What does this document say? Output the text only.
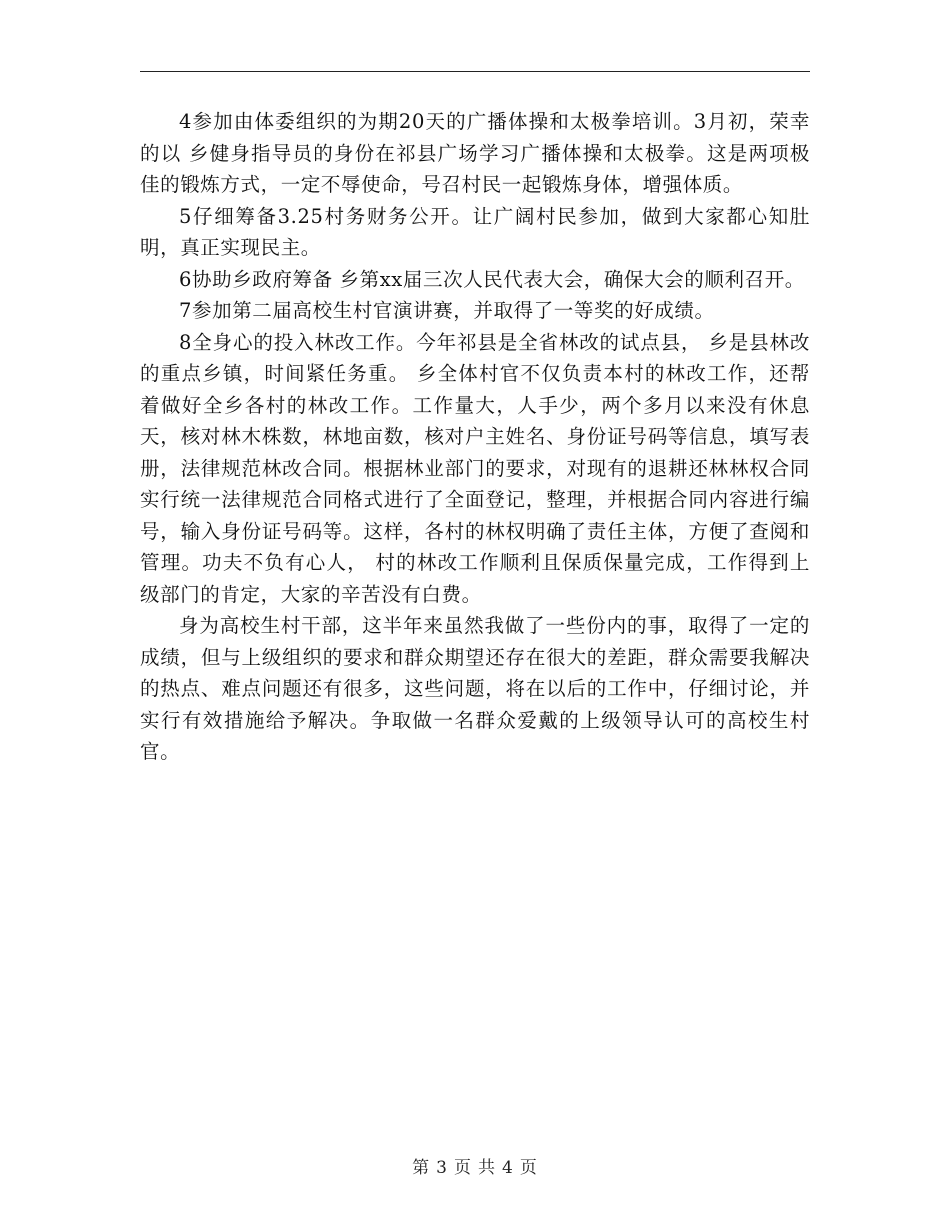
4参加由体委组织的为期20天的广播体操和太极拳培训。3月初，荣幸的以 乡健身指导员的身份在祁县广场学习广播体操和太极拳。这是两项极佳的锻炼方式，一定不辱使命，号召村民一起锻炼身体，增强体质。

5仔细筹备3.25村务财务公开。让广阔村民参加，做到大家都心知肚明，真正实现民主。

6协助乡政府筹备 乡第xx届三次人民代表大会，确保大会的顺利召开。

7参加第二届高校生村官演讲赛，并取得了一等奖的好成绩。

8全身心的投入林改工作。今年祁县是全省林改的试点县， 乡是县林改的重点乡镇，时间紧任务重。 乡全体村官不仅负责本村的林改工作，还帮着做好全乡各村的林改工作。工作量大，人手少，两个多月以来没有休息天，核对林木株数，林地亩数，核对户主姓名、身份证号码等信息，填写表册，法律规范林改合同。根据林业部门的要求，对现有的退耕还林林权合同实行统一法律规范合同格式进行了全面登记，整理，并根据合同内容进行编号，输入身份证号码等。这样，各村的林权明确了责任主体，方便了查阅和管理。功夫不负有心人， 村的林改工作顺利且保质保量完成，工作得到上级部门的肯定，大家的辛苦没有白费。

身为高校生村干部，这半年来虽然我做了一些份内的事，取得了一定的成绩，但与上级组织的要求和群众期望还存在很大的差距，群众需要我解决的热点、难点问题还有很多，这些问题，将在以后的工作中，仔细讨论，并实行有效措施给予解决。争取做一名群众爱戴的上级领导认可的高校生村官。

第 3 页 共 4 页
